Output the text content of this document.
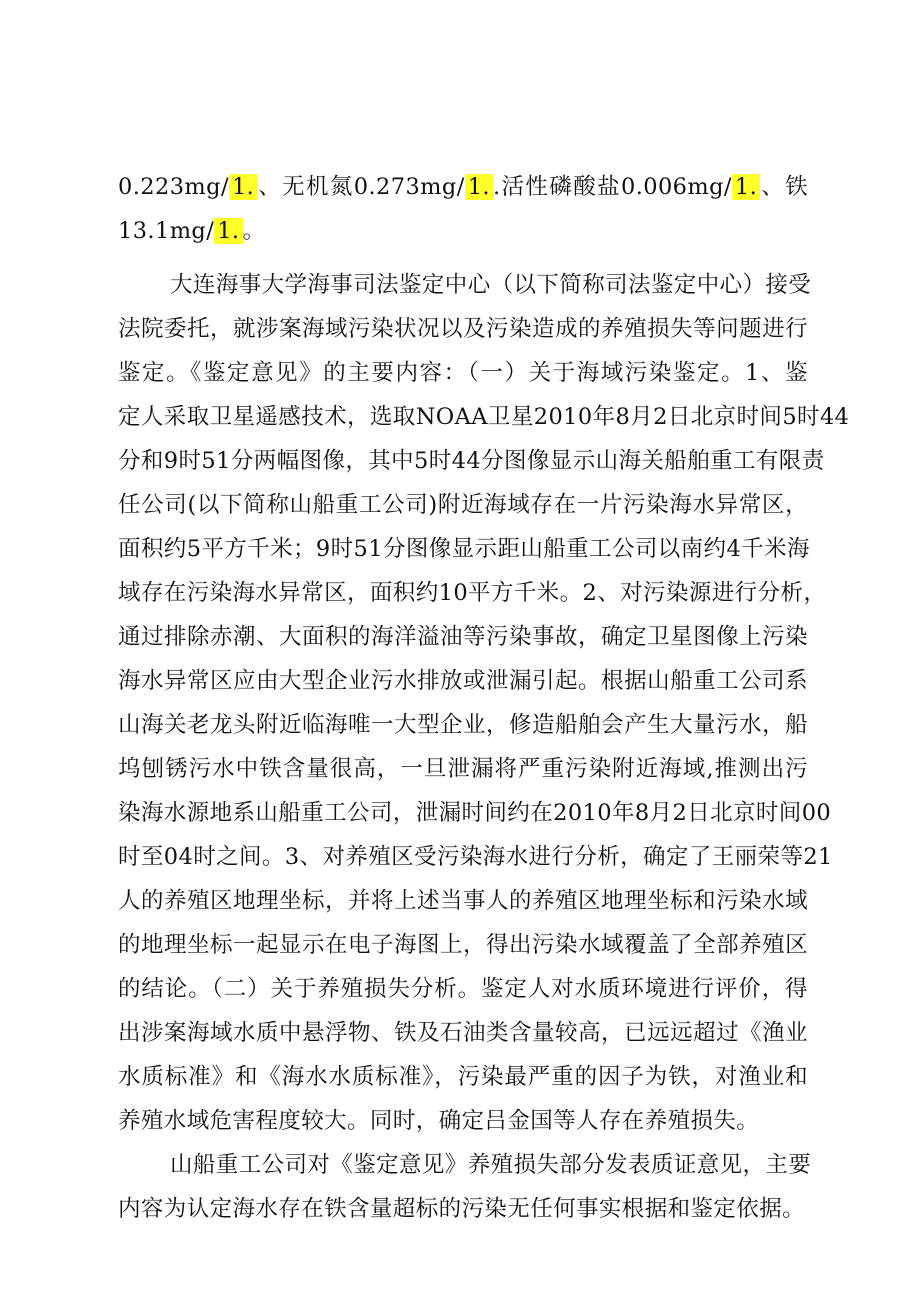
0.223mg/ 1. 、无机氮0.273mg/ 1. .活性磷酸盐0.006mg/ 1. 、铁
13.1mg/ 1. 。
大连海事大学海事司法鉴定中心（以下简称司法鉴定中心）接受
法院委托，就涉案海域污染状况以及污染造成的养殖损失等问题进行
鉴定。《鉴定意见》的主要内容：（一）关于海域污染鉴定。1、鉴
定人采取卫星遥感技术，选取NOAA卫星2010年8月2日北京时间5时44
分和9时51分两幅图像，其中5时44分图像显示山海关船舶重工有限责
任公司(以下简称山船重工公司)附近海域存在一片污染海水异常区，
面积约5平方千米；9时51分图像显示距山船重工公司以南约4千米海
域存在污染海水异常区，面积约10平方千米。2、对污染源进行分析，
通过排除赤潮、大面积的海洋溢油等污染事故，确定卫星图像上污染
海水异常区应由大型企业污水排放或泄漏引起。根据山船重工公司系
山海关老龙头附近临海唯一大型企业，修造船舶会产生大量污水，船
坞刨锈污水中铁含量很高，一旦泄漏将严重污染附近海域,推测出污
染海水源地系山船重工公司，泄漏时间约在2010年8月2日北京时间00
时至04时之间。3、对养殖区受污染海水进行分析，确定了王丽荣等21
人的养殖区地理坐标，并将上述当事人的养殖区地理坐标和污染水域
的地理坐标一起显示在电子海图上，得出污染水域覆盖了全部养殖区
的结论。（二）关于养殖损失分析。鉴定人对水质环境进行评价，得
出涉案海域水质中悬浮物、铁及石油类含量较高，已远远超过《渔业
水质标准》和《海水水质标准》，污染最严重的因子为铁，对渔业和
养殖水域危害程度较大。同时，确定吕金国等人存在养殖损失。
山船重工公司对《鉴定意见》养殖损失部分发表质证意见，主要
内容为认定海水存在铁含量超标的污染无任何事实根据和鉴定依据。
